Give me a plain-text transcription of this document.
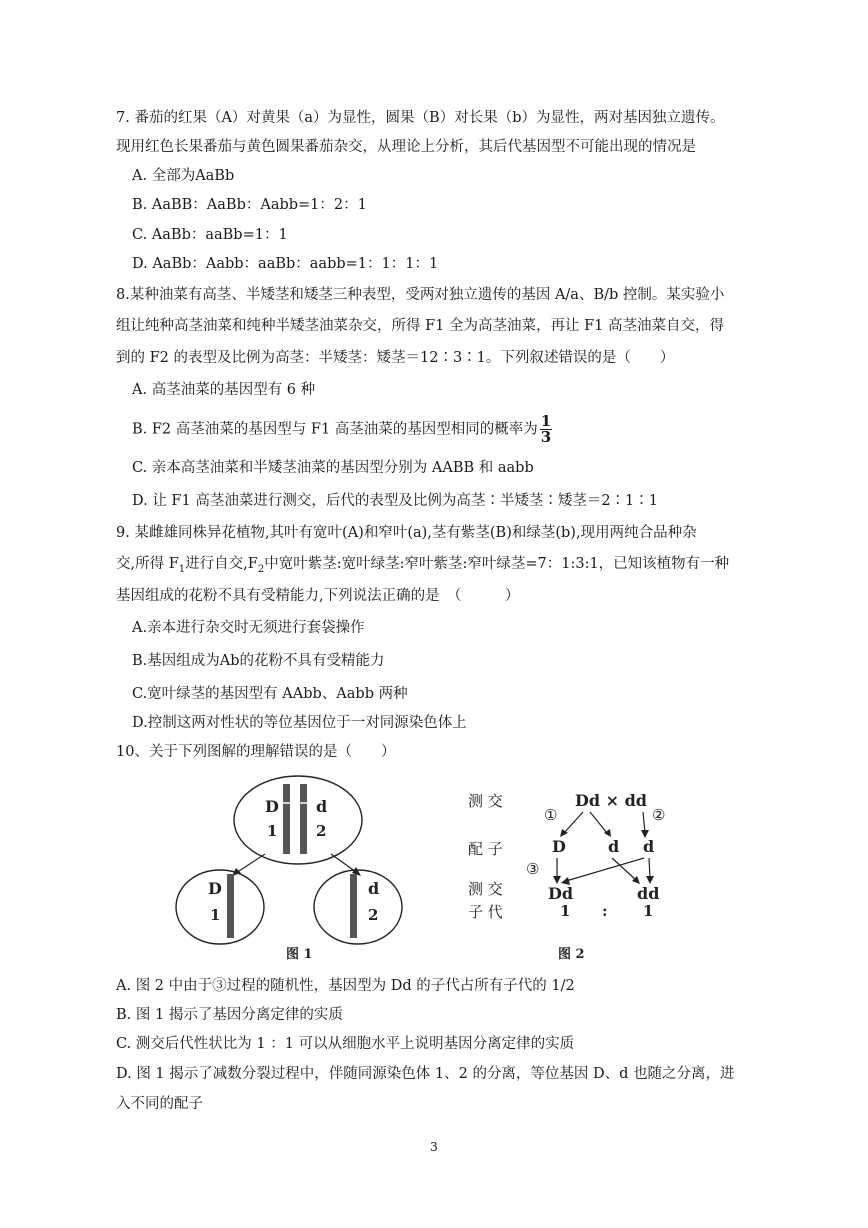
7. 番茄的红果（A）对黄果（a）为显性，圆果（B）对长果（b）为显性，两对基因独立遗传。
现用红色长果番茄与黄色圆果番茄杂交，从理论上分析，其后代基因型不可能出现的情况是
A. 全部为AaBb
B. AaBB：AaBb：Aabb=1：2：1
C. AaBb：aaBb=1：1
D. AaBb：Aabb：aaBb：aabb=1：1：1：1
8.某种油菜有高茎、半矮茎和矮茎三种表型，受两对独立遗传的基因 A/a、B/b 控制。某实验小
组让纯种高茎油菜和纯种半矮茎油菜杂交，所得 F1 全为高茎油菜，再让 F1 高茎油菜自交，得
到的 F2 的表型及比例为高茎：半矮茎：矮茎＝12∶3∶1。下列叙述错误的是（　　）
A. 高茎油菜的基因型有 6 种
B. F2 高茎油菜的基因型与 F1 高茎油菜的基因型相同的概率为 $\frac{1}{3}$
C. 亲本高茎油菜和半矮茎油菜的基因型分别为 AABB 和 aabb
D. 让 F1 高茎油菜进行测交，后代的表型及比例为高茎∶半矮茎∶矮茎＝2∶1∶1
9. 某雌雄同株异花植物,其叶有宽叶(A)和窄叶(a),茎有紫茎(B)和绿茎(b),现用两纯合品种杂
交,所得 $F_1$进行自交$,F_2$中宽叶紫茎:宽叶绿茎:窄叶紫茎:窄叶绿茎=7：1:3:1，已知该植物有一种
基因组成的花粉不具有受精能力,下列说法正确的是　（　　　）
A.亲本进行杂交时无须进行套袋操作
B.基因组成为Ab的花粉不具有受精能力
C.宽叶绿茎的基因型有 AAbb、Aabb 两种
D.控制这两对性状的等位基因位于一对同源染色体上
10、关于下列图解的理解错误的是（　　）
D d
1	2
D
1
d
2
图 1
测 交
配 子
测 交
子 代
Dd × dd
①	②
D	d d
③
Dd	dd
1 : 1
图 2
A. 图 2 中由于③过程的随机性，基因型为 Dd 的子代占所有子代的 1/2
B. 图 1 揭示了基因分离定律的实质
C. 测交后代性状比为 1 ：1 可以从细胞水平上说明基因分离定律的实质
D. 图 1 揭示了减数分裂过程中，伴随同源染色体 1、2 的分离，等位基因 D、d 也随之分离，进
入不同的配子
3
